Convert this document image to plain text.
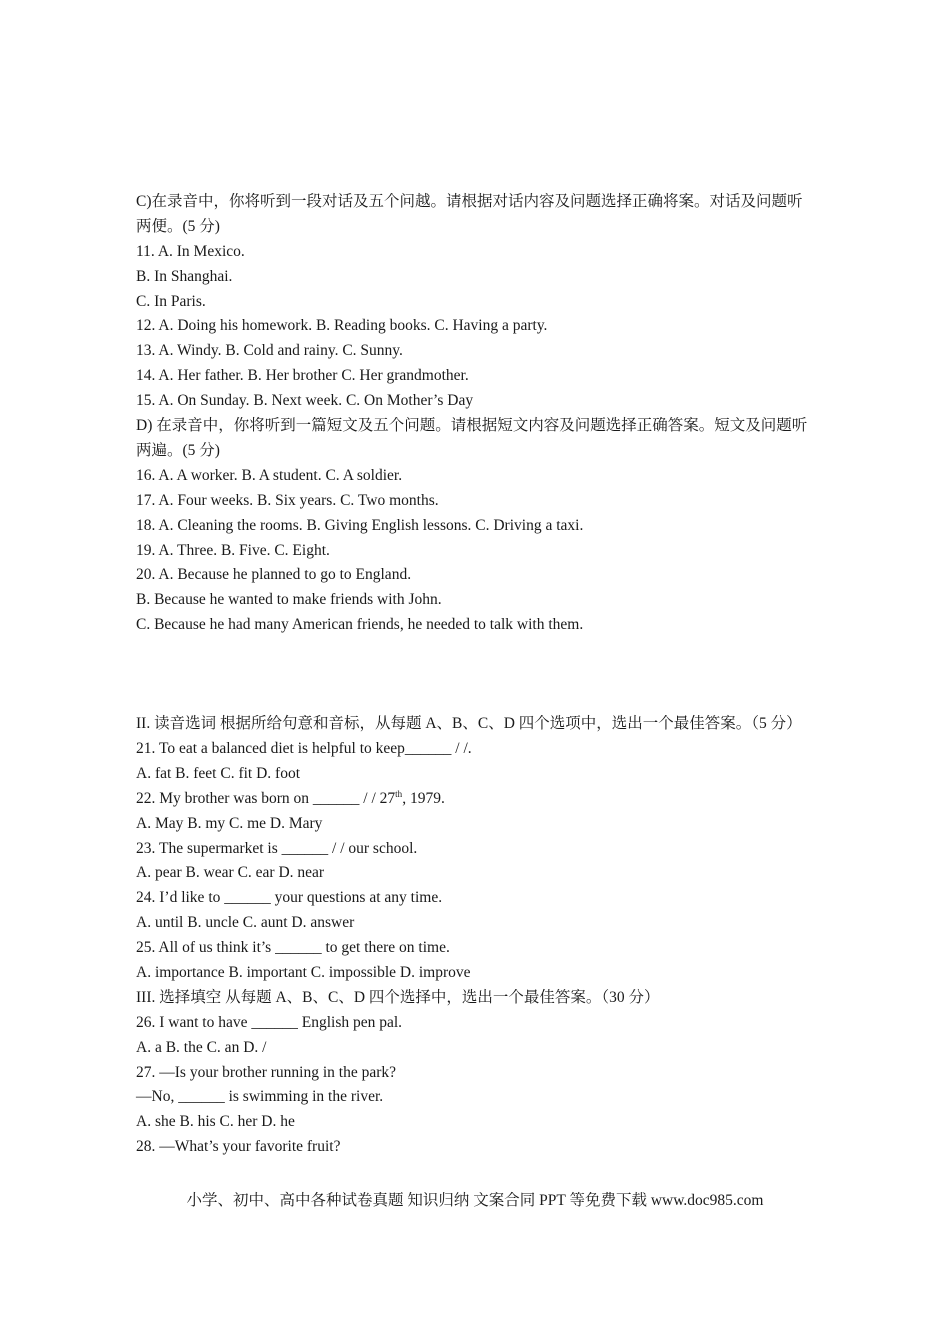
C)在录音中，你将听到一段对话及五个问越。请根据对话内容及问题选择正确将案。对话及问题听两便。(5 分)
11. A. In Mexico.
B. In Shanghai.
C. In Paris.
12. A. Doing his homework. B. Reading books. C. Having a party.
13. A. Windy. B. Cold and rainy. C. Sunny.
14. A. Her father. B. Her brother C. Her grandmother.
15. A. On Sunday. B. Next week. C. On Mother’s Day
D) 在录音中，你将听到一篇短文及五个问题。请根据短文内容及问题选择正确答案。短文及问题听两遍。(5 分)
16. A. A worker. B. A student. C. A soldier.
17. A. Four weeks. B. Six years. C. Two months.
18. A. Cleaning the rooms. B. Giving English lessons. C. Driving a taxi.
19. A. Three. B. Five. C. Eight.
20. A. Because he planned to go to England.
B. Because he wanted to make friends with John.
C. Because he had many American friends, he needed to talk with them.
II. 读音选词 根据所给句意和音标，从每题 A、B、C、D 四个选项中，选出一个最佳答案。（5 分）
21. To eat a balanced diet is helpful to keep______ / /.
A. fat B. feet C. fit D. foot
22. My brother was born on ______ / / 27th, 1979.
A. May B. my C. me D. Mary
23. The supermarket is ______ / / our school.
A. pear B. wear C. ear D. near
24. I’d like to ______ your questions at any time.
A. until B. uncle C. aunt D. answer
25. All of us think it’s ______ to get there on time.
A. importance B. important C. impossible D. improve
III. 选择填空 从每题 A、B、C、D 四个选择中，选出一个最佳答案。（30 分）
26. I want to have ______ English pen pal.
A. a B. the C. an D. /
27. —Is your brother running in the park?
—No, ______ is swimming in the river.
A. she B. his C. her D. he
28. —What’s your favorite fruit?
小学、初中、高中各种试卷真题 知识归纳 文案合同 PPT 等免费下载 www.doc985.com
